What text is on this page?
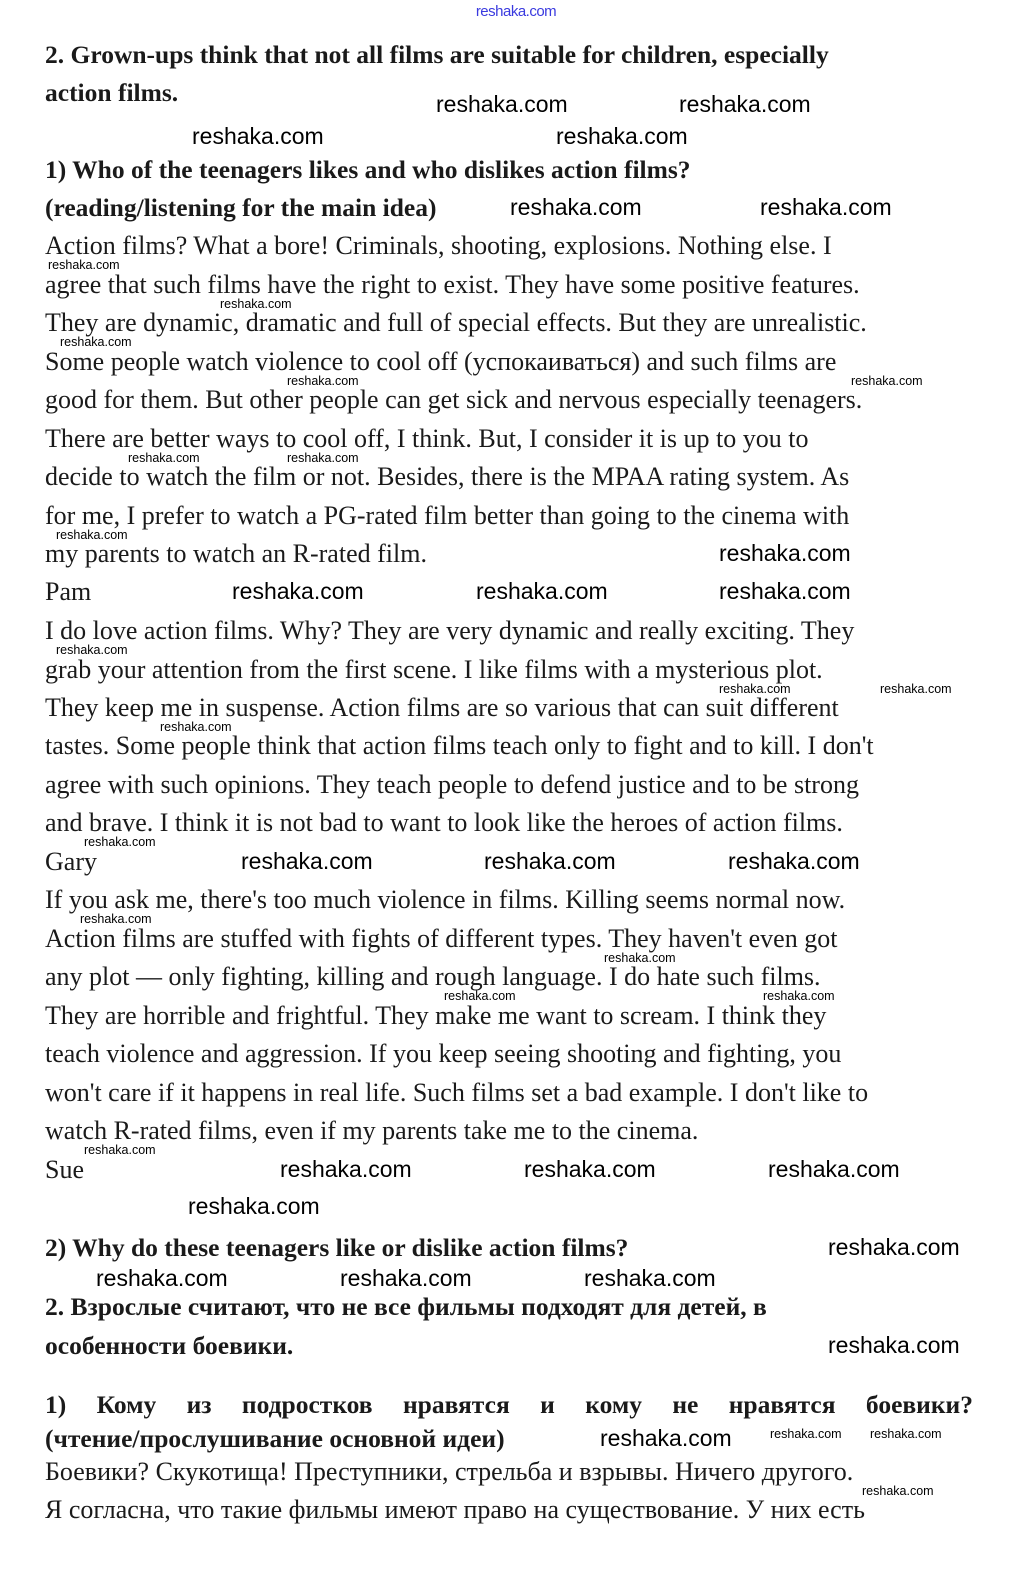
reshaka.com
2. Grown-ups think that not all films are suitable for children, especially
action films.
1) Who of the teenagers likes and who dislikes action films?
(reading/listening for the main idea)
Action films? What a bore! Criminals, shooting, explosions. Nothing else. I
agree that such films have the right to exist. They have some positive features.
They are dynamic, dramatic and full of special effects. But they are unrealistic.
Some people watch violence to cool off (успокаиваться) and such films are
good for them. But other people can get sick and nervous especially teenagers.
There are better ways to cool off, I think. But, I consider it is up to you to
decide to watch the film or not. Besides, there is the MPAA rating system. As
for me, I prefer to watch a PG-rated film better than going to the cinema with
my parents to watch an R-rated film.
Pam
I do love action films. Why? They are very dynamic and really exciting. They
grab your attention from the first scene. I like films with a mysterious plot.
They keep me in suspense. Action films are so various that can suit different
tastes. Some people think that action films teach only to fight and to kill. I don't
agree with such opinions. They teach people to defend justice and to be strong
and brave. I think it is not bad to want to look like the heroes of action films.
Gary
If you ask me, there's too much violence in films. Killing seems normal now.
Action films are stuffed with fights of different types. They haven't even got
any plot — only fighting, killing and rough language. I do hate such films.
They are horrible and frightful. They make me want to scream. I think they
teach violence and aggression. If you keep seeing shooting and fighting, you
won't care if it happens in real life. Such films set a bad example. I don't like to
watch R-rated films, even if my parents take me to the cinema.
Sue
2) Why do these teenagers like or dislike action films?
2. Взрослые считают, что не все фильмы подходят для детей, в
особенности боевики.
1) Кому из подростков нравятся и кому не нравятся боевики?
(чтение/прослушивание основной идеи)
Боевики? Скукотища! Преступники, стрельба и взрывы. Ничего другого.
Я согласна, что такие фильмы имеют право на существование. У них есть
reshaka.com	reshaka.com
reshaka.com	reshaka.com
reshaka.com	reshaka.com
reshaka.com
reshaka.com	reshaka.com	reshaka.com
reshaka.com	reshaka.com	reshaka.com
reshaka.com	reshaka.com	reshaka.com
reshaka.com
reshaka.com
reshaka.com	reshaka.com	reshaka.com
reshaka.com
reshaka.com
reshaka.com
reshaka.com
reshaka.com
reshaka.com	reshaka.com
reshaka.com	reshaka.com
reshaka.com
reshaka.com
reshaka.com
reshaka.com
reshaka.com
reshaka.com
reshaka.com
reshaka.com
reshaka.com	reshaka.com
reshaka.com
reshaka.com reshaka.com
reshaka.com
